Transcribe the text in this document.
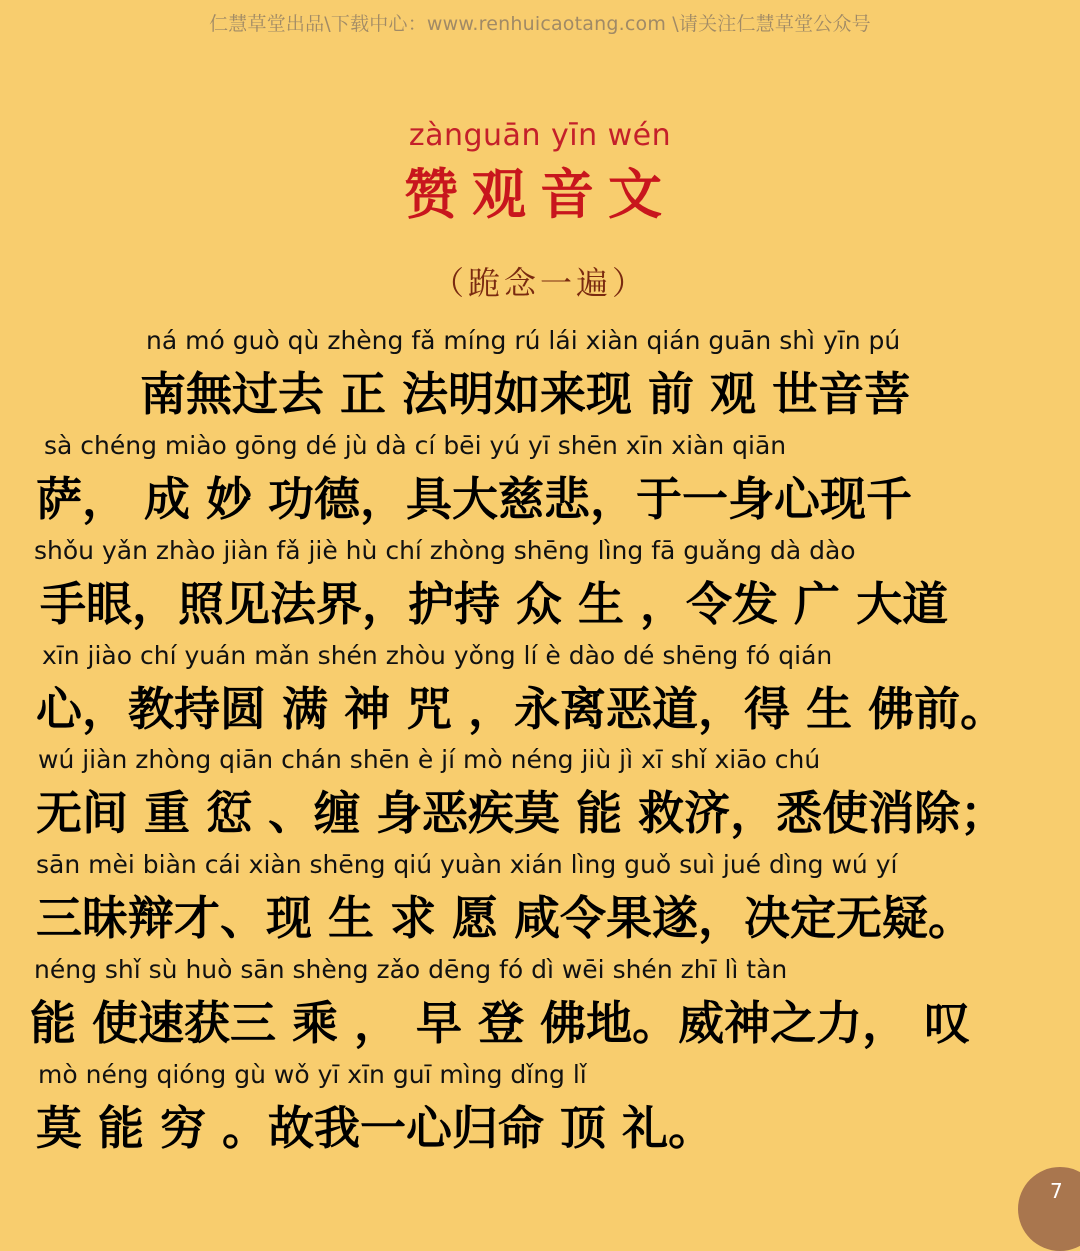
仁慧草堂出品\下载中心：www.renhuicaotang.com \请关注仁慧草堂公众号
zànguān yīn wén
赞观音文
（跪念一遍）
ná mó guò qù zhèng fǎ míng rú lái xiàn qián guān shì yīn pú
南無过去 正 法明如来现 前 观 世音菩
sà chéng miào gōng dé jù dà cí bēi yú yī shēn xīn xiàn qiān
萨， 成 妙 功德，具大慈悲，于一身心现千
shǒu yǎn zhào jiàn fǎ jiè hù chí zhòng shēng lìng fā guǎng dà dào
手眼，照见法界，护持 众 生 ，令发 广 大道
xīn jiào chí yuán mǎn shén zhòu yǒng lí è dào dé shēng fó qián
心，教持圆 满 神 咒 ，永离恶道，得 生 佛前。
wú jiàn zhòng qiān chán shēn è jí mò néng jiù jì xī shǐ xiāo chú
无间 重 愆 、缠 身恶疾莫 能 救济，悉使消除；
sān mèi biàn cái xiàn shēng qiú yuàn xián lìng guǒ suì jué dìng wú yí
三昧辩才、现 生 求 愿 咸令果遂，决定无疑。
néng shǐ sù huò sān shèng zǎo dēng fó dì wēi shén zhī lì tàn
能 使速获三 乘 ， 早 登 佛地。威神之力， 叹
mò néng qióng gù wǒ yī xīn guī mìng dǐng lǐ
莫 能 穷 。故我一心归命 顶 礼。
7
